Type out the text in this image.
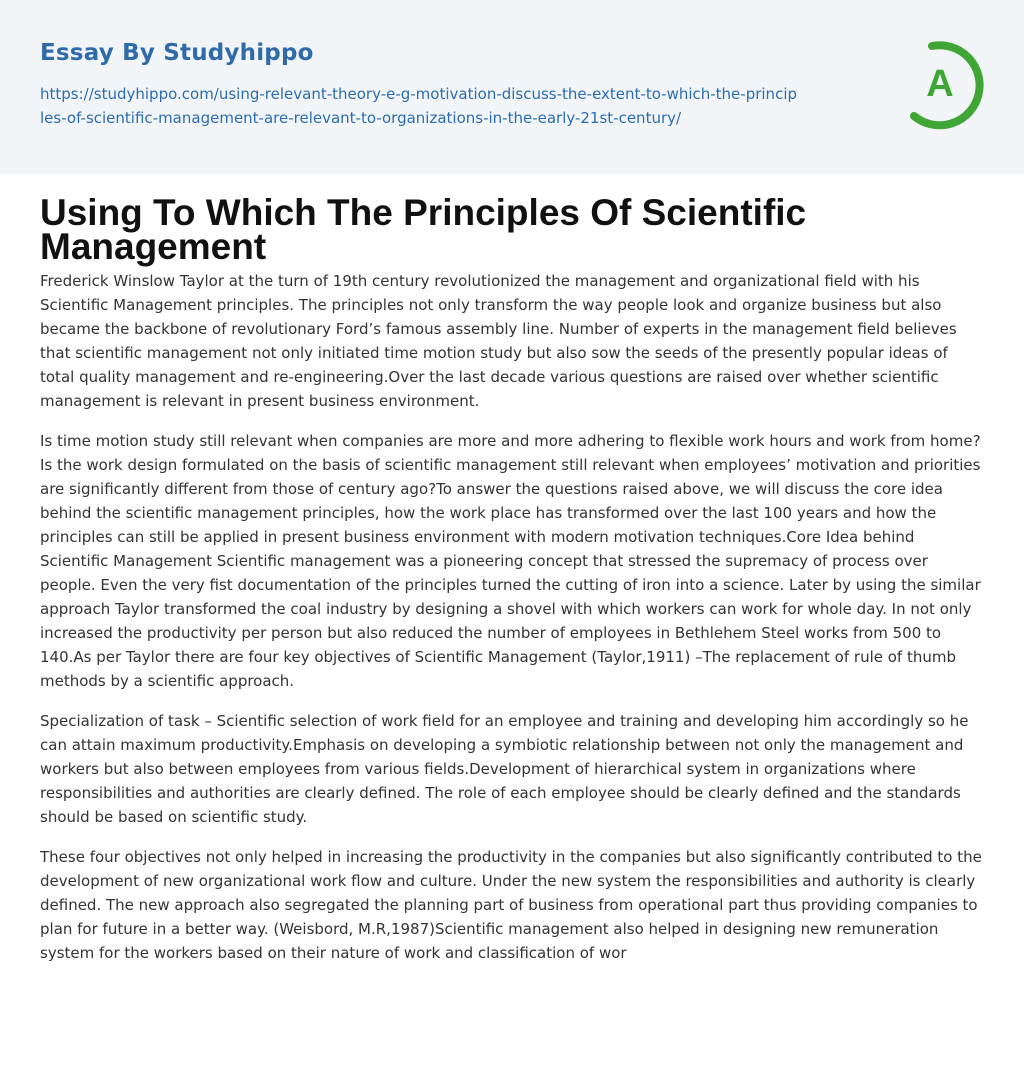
Essay By Studyhippo
https://studyhippo.com/using-relevant-theory-e-g-motivation-discuss-the-extent-to-which-the-principles-of-scientific-management-are-relevant-to-organizations-in-the-early-21st-century/
A
Using To Which The Principles Of Scientific Management

Frederick Winslow Taylor at the turn of 19th century revolutionized the management and organizational field with his Scientific Management principles. The principles not only transform the way people look and organize business but also became the backbone of revolutionary Ford’s famous assembly line. Number of experts in the management field believes that scientific management not only initiated time motion study but also sow the seeds of the presently popular ideas of total quality management and re-engineering.Over the last decade various questions are raised over whether scientific management is relevant in present business environment.

Is time motion study still relevant when companies are more and more adhering to flexible work hours and work from home? Is the work design formulated on the basis of scientific management still relevant when employees’ motivation and priorities are significantly different from those of century ago?To answer the questions raised above, we will discuss the core idea behind the scientific management principles, how the work place has transformed over the last 100 years and how the principles can still be applied in present business environment with modern motivation techniques.Core Idea behind Scientific Management Scientific management was a pioneering concept that stressed the supremacy of process over people. Even the very fist documentation of the principles turned the cutting of iron into a science. Later by using the similar approach Taylor transformed the coal industry by designing a shovel with which workers can work for whole day. In not only increased the productivity per person but also reduced the number of employees in Bethlehem Steel works from 500 to 140.As per Taylor there are four key objectives of Scientific Management (Taylor,1911) –The replacement of rule of thumb methods by a scientific approach.

Specialization of task – Scientific selection of work field for an employee and training and developing him accordingly so he can attain maximum productivity.Emphasis on developing a symbiotic relationship between not only the management and workers but also between employees from various fields.Development of hierarchical system in organizations where responsibilities and authorities are clearly defined. The role of each employee should be clearly defined and the standards should be based on scientific study.

These four objectives not only helped in increasing the productivity in the companies but also significantly contributed to the development of new organizational work flow and culture. Under the new system the responsibilities and authority is clearly defined. The new approach also segregated the planning part of business from operational part thus providing companies to plan for future in a better way. (Weisbord, M.R,1987)Scientific management also helped in designing new remuneration system for the workers based on their nature of work and classification of wor
